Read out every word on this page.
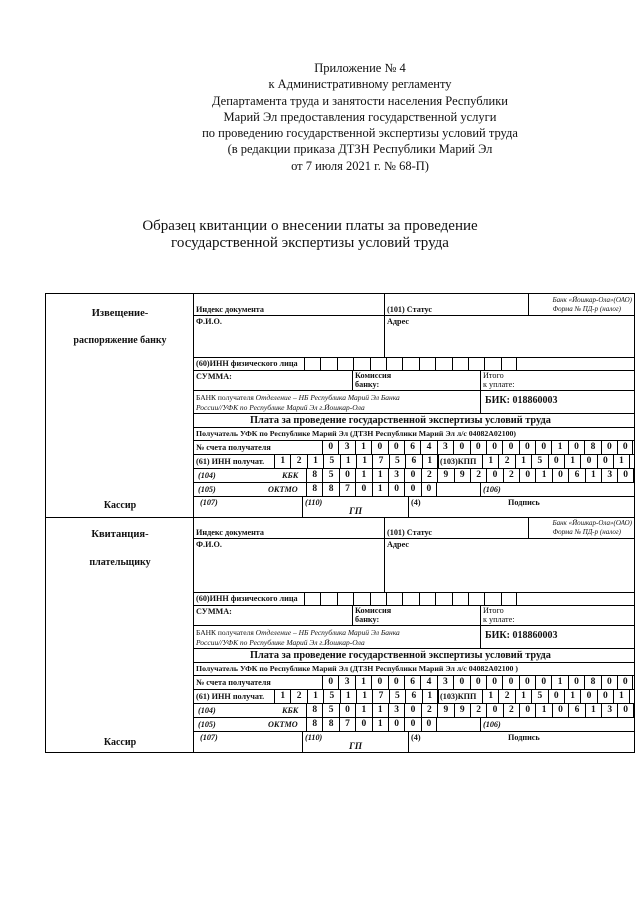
Приложение № 4
к Административному регламенту
Департамента труда и занятости населения Республики
Марий Эл предоставления государственной услуги
по проведению государственной экспертизы условий труда
(в редакции приказа ДТЗН Республики Марий Эл
от 7 июля 2021 г. № 68-П)
Образец квитанции о внесении платы за проведение
государственной экспертизы условий труда
Извещение-
распоряжение банку
Кассир
Индекс документа	(101) Статус
Банк «Йошкар-Ола»(ОАО)
Форма № ПД-р (налог)
Ф.И.О.	Адрес
(60)ИНН физического лица
СУММА:	Комиссия
банку:
Итого
к уплате:
БАНК получателя Отделение – НБ Республика Марий Эл Банка
России//УФК по Республике Марий Эл г.Йошкар-Ола
БИК: 018860003
Плата за проведение государственной экспертизы условий труда
Получатель УФК по Республике Марий Эл (ДТЗН Республики Марий Эл л/с 04082А02100)
№ счета получателя	0	3	1	0	0	6	4	3	0	0	0	0	0	0	1	0	8	0	0
(61) ИНН получат.	1	2	1	5	1	1	7	5	6	1 (103)КПП	1	2	1	5	0	1	0	0	1
(104)	КБК	8	5	0	1	1	3	0	2	9	9	2	0	2	0	1	0	6	1	3	0
(105)	ОКТМО	8	8	7	0	1	0	0	0	(106)
(107)	(110)
ГП
(4)	Подпись
Квитанция-
плательщику
Кассир
Индекс документа	(101) Статус
Банк «Йошкар-Ола»(ОАО)
Форма № ПД-р (налог)
Ф.И.О.	Адрес
(60)ИНН физического лица
СУММА:	Комиссия
банку:
Итого
к уплате:
БАНК получателя Отделение – НБ Республика Марий Эл Банка
России//УФК по Республике Марий Эл г.Йошкар-Ола
БИК: 018860003
Плата за проведение государственной экспертизы условий труда
Получатель УФК по Республике Марий Эл (ДТЗН Республики Марий Эл л/с 04082А02100 )
№ счета получателя	0	3	1	0	0	6	4	3	0	0	0	0	0	0	1	0	8	0	0
(61) ИНН получат.	1	2	1	5	1	1	7	5	6	1 (103)КПП	1	2	1	5	0	1	0	0	1
(104)	КБК	8	5	0	1	1	3	0	2	9	9	2	0	2	0	1	0	6	1	3	0
(105)	ОКТМО	8	8	7	0	1	0	0	0	(106)
(107)	(110)
ГП
(4)	Подпись
